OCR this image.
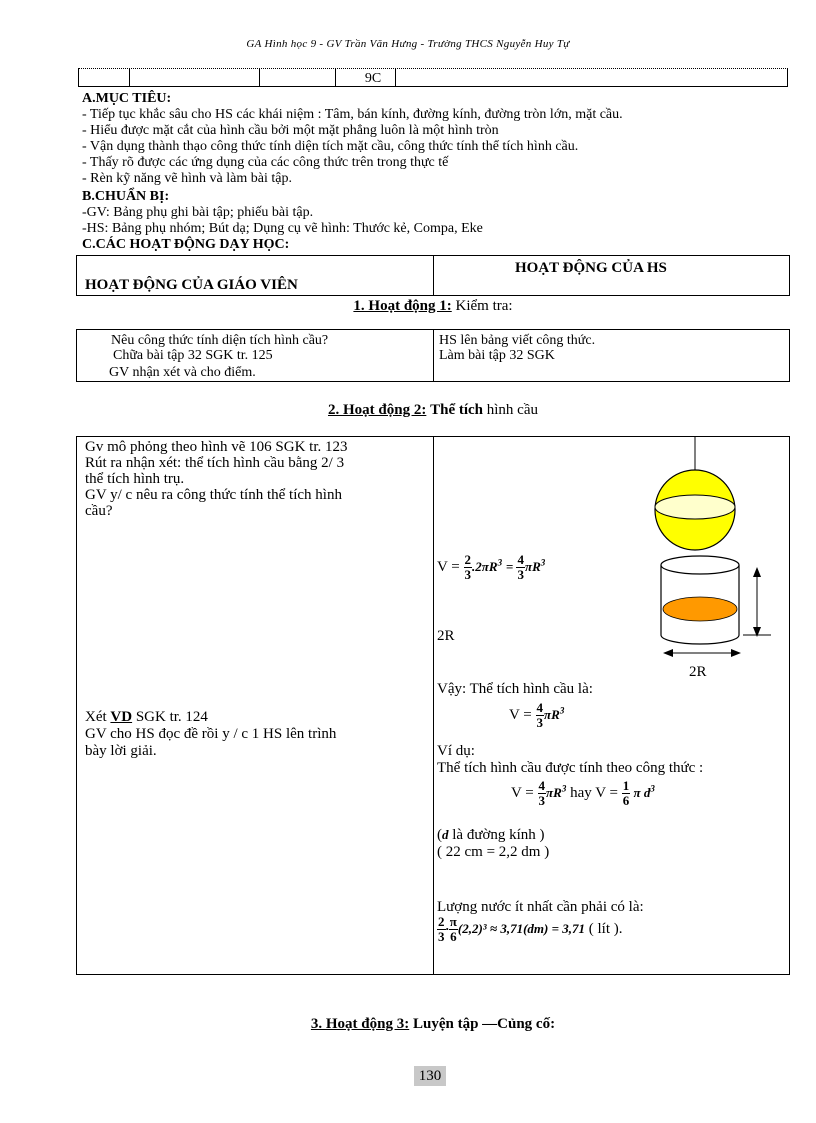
GA Hình học 9 - GV Trần Văn Hưng - Trường THCS Nguyễn Huy Tự
9C
A.MỤC TIÊU:
- Tiếp tục khắc sâu cho HS các khái niệm : Tâm, bán kính, đường kính, đường tròn lớn, mặt cầu.
- Hiểu được mặt cắt của hình cầu bởi một mặt phẳng luôn là một hình tròn
- Vận dụng thành thạo công thức tính diện tích mặt cầu, công thức tính thể tích hình cầu.
- Thấy rõ được các ứng dụng của các công thức trên trong thực tế
- Rèn kỹ năng vẽ hình và làm bài tập.
B.CHUẨN BỊ:
-GV: Bảng phụ ghi bài tập; phiếu bài tập.
-HS: Bảng phụ nhóm; Bút dạ; Dụng cụ vẽ hình: Thước kẻ, Compa, Eke
C.CÁC HOẠT ĐỘNG DẠY HỌC:
HOẠT ĐỘNG CỦA GIÁO VIÊN
HOẠT ĐỘNG CỦA HS
1. Hoạt động 1: Kiểm tra:
Nêu công thức tính diện tích hình cầu?
Chữa bài tập 32 SGK tr. 125
GV nhận xét và cho điểm.
HS lên bảng viết công thức.
Làm bài tập 32 SGK
2. Hoạt động 2: Thể tích hình cầu
Gv mô phỏng theo hình vẽ 106 SGK tr. 123
Rút ra nhận xét: thể tích hình cầu bằng 2/ 3
thể tích hình trụ.
GV y/ c nêu ra công thức tính thể tích hình
cầu?
Xét VD SGK tr. 124
GV cho HS đọc đề rồi y / c 1 HS lên trình
bày lời giải.
2R
$V = \frac{2}{3} .2\pi R^3 = \frac{4}{3} \pi R^3$
2R
Vậy: Thể tích hình cầu là:
$V = \frac{4}{3} \pi R^3$
Ví dụ:
Thể tích hình cầu được tính theo công thức :
$V = \frac{4}{3} \pi R^3$ hay $V = \frac{1}{6}$ π $d^3$
(d là đường kính )
( 22 cm = 2,2 dm )
Lượng nước ít nhất cần phải có là:
$\frac{2}{3} \cdot \frac{\pi}{6} (2,2)^3 \approx 3,71(dm) = 3,71$ ( lít ).
3. Hoạt động 3: Luyện tập —Củng cố:
130
